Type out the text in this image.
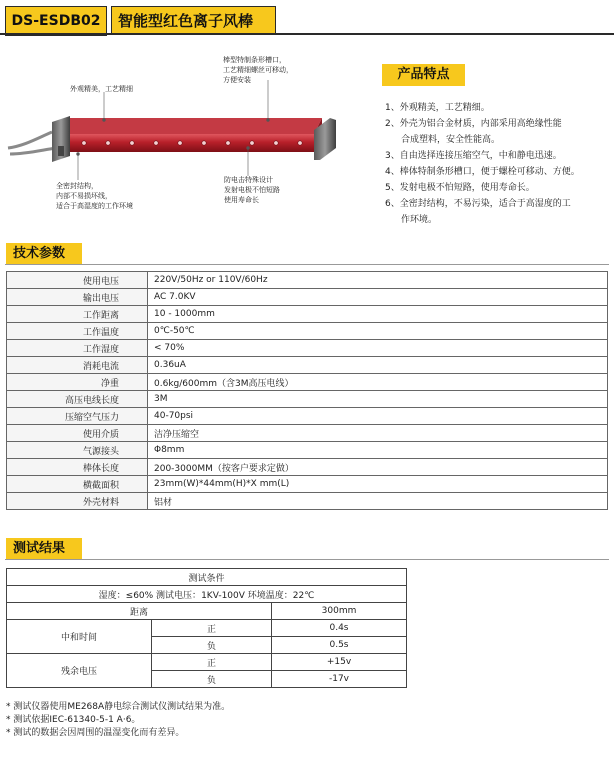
DS-ESDB02	智能型红色离子风棒
外观精美，工艺精细
棒型特制条形槽口，
工艺精细螺丝可移动，
方便安装
全密封结构，
内部不易损坏线，
适合于高湿度的工作环境
防电击特殊设计
发射电极不怕短路
使用寿命长
产品特点
1、外观精美，工艺精细。
2、外壳为铝合金材质，内部采用高绝缘性能
合成塑料，安全性能高。
3、自由选择连接压缩空气，中和静电迅速。
4、棒体特制条形槽口，便于螺栓可移动、方便。
5、发射电极不怕短路，使用寿命长。
6、全密封结构，不易污染，适合于高湿度的工
作环境。
技术参数
使用电压	220V/50Hz or 110V/60Hz
输出电压	AC 7.0KV
工作距离	10 - 1000mm
工作温度	0℃-50℃
工作湿度	< 70%
消耗电流	0.36uA
净重	0.6kg/600mm（含3M高压电线）
高压电线长度	3M
压缩空气压力	40-70psi
使用介质	洁净压缩空
气源接头	Φ8mm
棒体长度	200-3000MM（按客户要求定做）
横截面积	23mm(W)*44mm(H)*X mm(L)
外壳材料	铝材
测试结果
测试条件		
湿度：≤60% 测试电压：1KV-100V 环境温度：22℃		
距离		300mm
中和时间	正	0.4s
	负	0.5s
残余电压	正	+15v
	负	-17v
* 测试仪器使用ME268A静电综合测试仪测试结果为准。
* 测试依据IEC-61340-5-1 A·6。
* 测试的数据会因周围的温湿变化而有差异。
